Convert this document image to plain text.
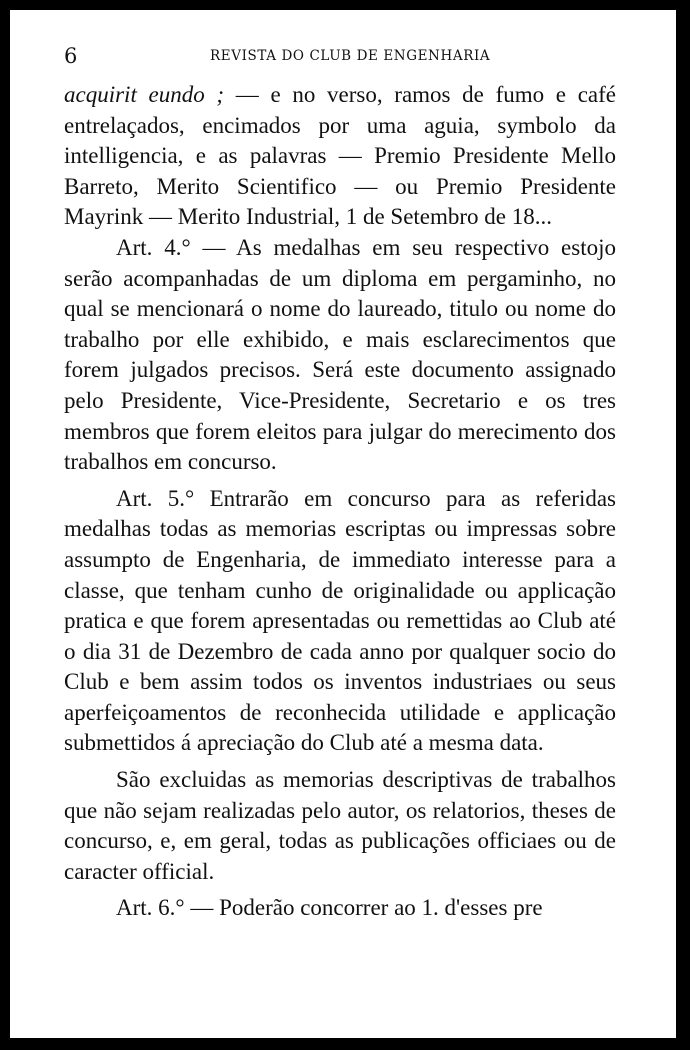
6	REVISTA DO CLUB DE ENGENHARIA

acquirit eundo ; — e no verso, ramos de fumo e café entrelaçados, encimados por uma aguia, symbolo da intelligencia, e as palavras — Premio Presidente Mello Barreto, Merito Scientifico — ou Premio Presidente Mayrink — Merito Industrial, 1 de Setembro de 18...

Art. 4.° — As medalhas em seu respectivo estojo serão acompanhadas de um diploma em pergaminho, no qual se mencionará o nome do laureado, titulo ou nome do trabalho por elle exhibido, e mais esclarecimentos que forem julgados precisos. Será este documento assignado pelo Presidente, Vice-Presidente, Secretario e os tres membros que forem eleitos para julgar do merecimento dos trabalhos em concurso.

Art. 5.° Entrarão em concurso para as referidas medalhas todas as memorias escriptas ou impressas sobre assumpto de Engenharia, de immediato interesse para a classe, que tenham cunho de originalidade ou applicação pratica e que forem apresentadas ou remettidas ao Club até o dia 31 de Dezembro de cada anno por qualquer socio do Club e bem assim todos os inventos industriaes ou seus aperfeiçoamentos de reconhecida utilidade e applicação submettidos á apreciação do Club até a mesma data.

São excluidas as memorias descriptivas de trabalhos que não sejam realizadas pelo autor, os relatorios, theses de concurso, e, em geral, todas as publicações officiaes ou de caracter official.

Art. 6.° — Poderão concorrer ao 1. d'esses pre
